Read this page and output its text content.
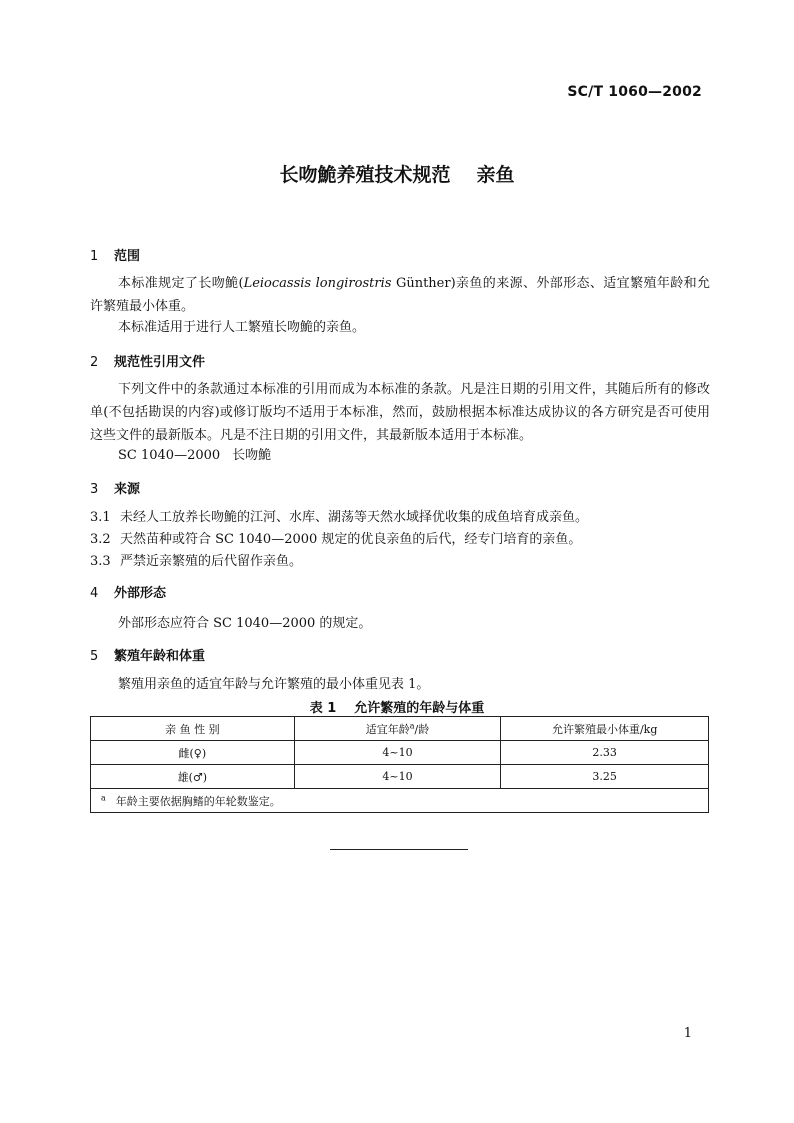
SC/T 1060—2002
长吻鮠养殖技术规范 亲鱼
1 范围
本标准规定了长吻鮠(Leiocassis longirostris Günther)亲鱼的来源、外部形态、适宜繁殖年龄和允许繁殖最小体重。
本标准适用于进行人工繁殖长吻鮠的亲鱼。
2 规范性引用文件
下列文件中的条款通过本标准的引用而成为本标准的条款。凡是注日期的引用文件，其随后所有的修改单(不包括勘误的内容)或修订版均不适用于本标准，然而，鼓励根据本标准达成协议的各方研究是否可使用这些文件的最新版本。凡是不注日期的引用文件，其最新版本适用于本标准。
SC 1040—2000 长吻鮠
3 来源
3.1 未经人工放养长吻鮠的江河、水库、湖荡等天然水域择优收集的成鱼培育成亲鱼。
3.2 天然苗种或符合 SC 1040—2000 规定的优良亲鱼的后代，经专门培育的亲鱼。
3.3 严禁近亲繁殖的后代留作亲鱼。
4 外部形态
外部形态应符合 SC 1040—2000 的规定。
5 繁殖年龄和体重
繁殖用亲鱼的适宜年龄与允许繁殖的最小体重见表 1。
表 1 允许繁殖的年龄与体重
亲 鱼 性 别	适宜年龄$^a$/龄	允许繁殖最小体重/kg
雌(♀)	4~10	2.33
雄(♂)	4~10	3.25
$^a$ 年龄主要依据胸鳍的年轮数鉴定。		
1
